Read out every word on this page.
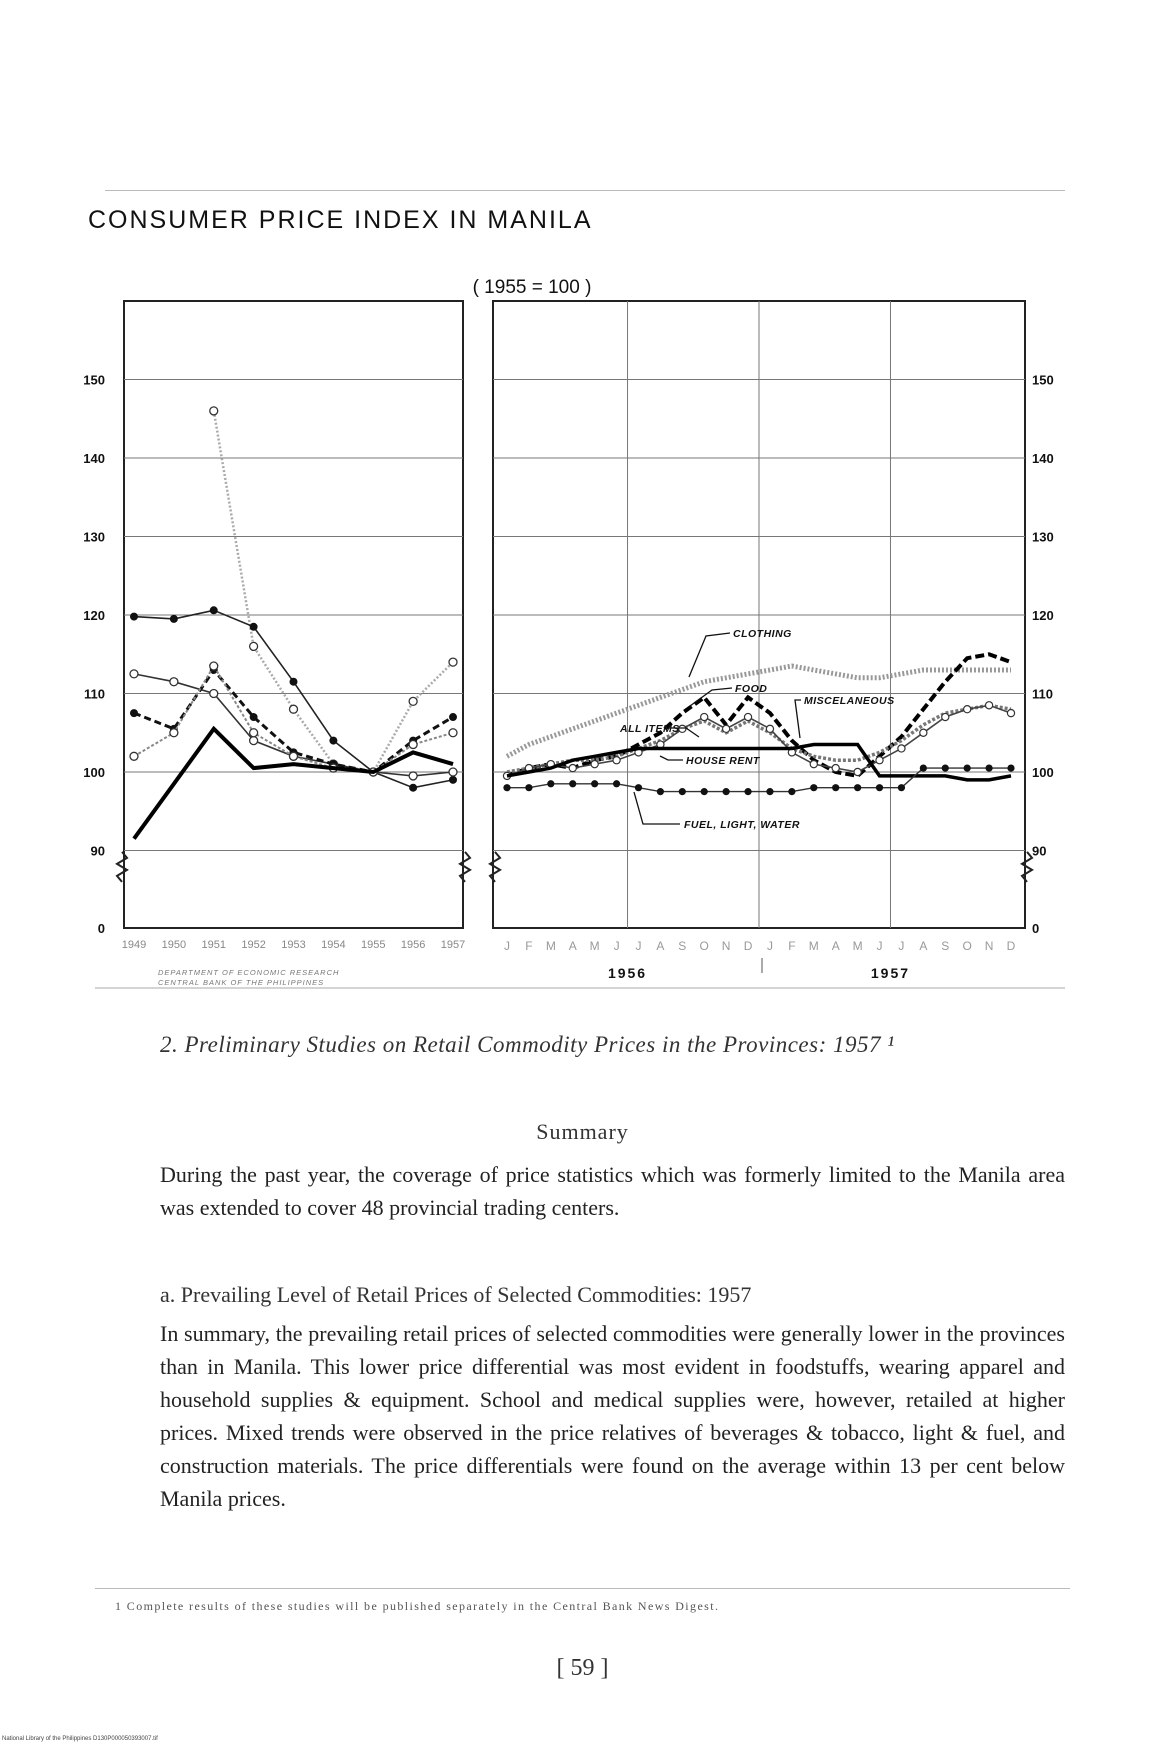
CONSUMER PRICE INDEX IN MANILA
( 1955 = 100 )
150	150
140	140
130	130
120	120
110	110
100	100
90	90
0	0
1949 1950 1951 1952 1953 1954 1955 1956 1957
DEPARTMENT OF ECONOMIC RESEARCH
CENTRAL BANK OF THE PHILIPPINES
J F M A M J J A S O N D J F M A M J J A S O N D
1956	1957
CLOTHING
FOOD
MISCELANEOUS
ALL ITEMS
HOUSE RENT
FUEL, LIGHT, WATER
2. Preliminary Studies on Retail Commodity Prices in the Provinces: 1957 ¹
Summary
During the past year, the coverage of price statistics which was formerly limited to the Manila area was extended to cover 48 provincial trading centers.
a. Prevailing Level of Retail Prices of Selected Commodities: 1957
In summary, the prevailing retail prices of selected commodities were generally lower in the provinces than in Manila. This lower price differential was most evident in foodstuffs, wearing apparel and household supplies & equipment. School and medical supplies were, however, retailed at higher prices. Mixed trends were observed in the price relatives of beverages & tobacco, light & fuel, and construction materials. The price differentials were found on the average within 13 per cent below Manila prices.
1 Complete results of these studies will be published separately in the Central Bank News Digest.
[ 59 ]
National Library of the Philippines D130P000050393007.tif
